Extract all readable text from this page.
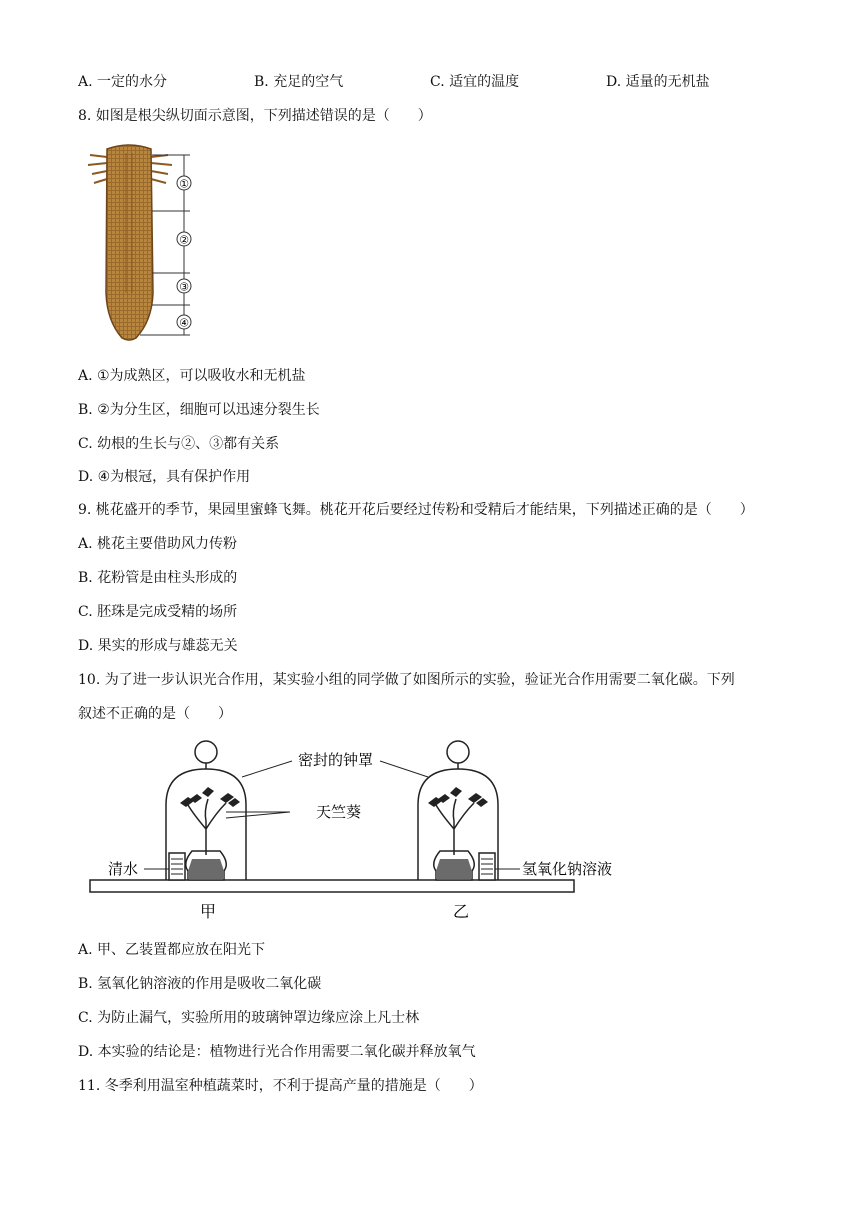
A. 一定的水分	B. 充足的空气	C. 适宜的温度	D. 适量的无机盐
8. 如图是根尖纵切面示意图，下列描述错误的是（　　）
①
②
③
④
A. ①为成熟区，可以吸收水和无机盐
B. ②为分生区，细胞可以迅速分裂生长
C. 幼根的生长与②、③都有关系
D. ④为根冠，具有保护作用
9. 桃花盛开的季节，果园里蜜蜂飞舞。桃花开花后要经过传粉和受精后才能结果，下列描述正确的是（　　）
A. 桃花主要借助风力传粉
B. 花粉管是由柱头形成的
C. 胚珠是完成受精的场所
D. 果实的形成与雄蕊无关
10. 为了进一步认识光合作用，某实验小组的同学做了如图所示的实验，验证光合作用需要二氧化碳。下列
叙述不正确的是（　　）
密封的钟罩
天竺葵
清水	氢氧化钠溶液
甲	乙
A. 甲、乙装置都应放在阳光下
B. 氢氧化钠溶液的作用是吸收二氧化碳
C. 为防止漏气，实验所用的玻璃钟罩边缘应涂上凡士林
D. 本实验的结论是：植物进行光合作用需要二氧化碳并释放氧气
11. 冬季利用温室种植蔬菜时，不利于提高产量的措施是（　　）
